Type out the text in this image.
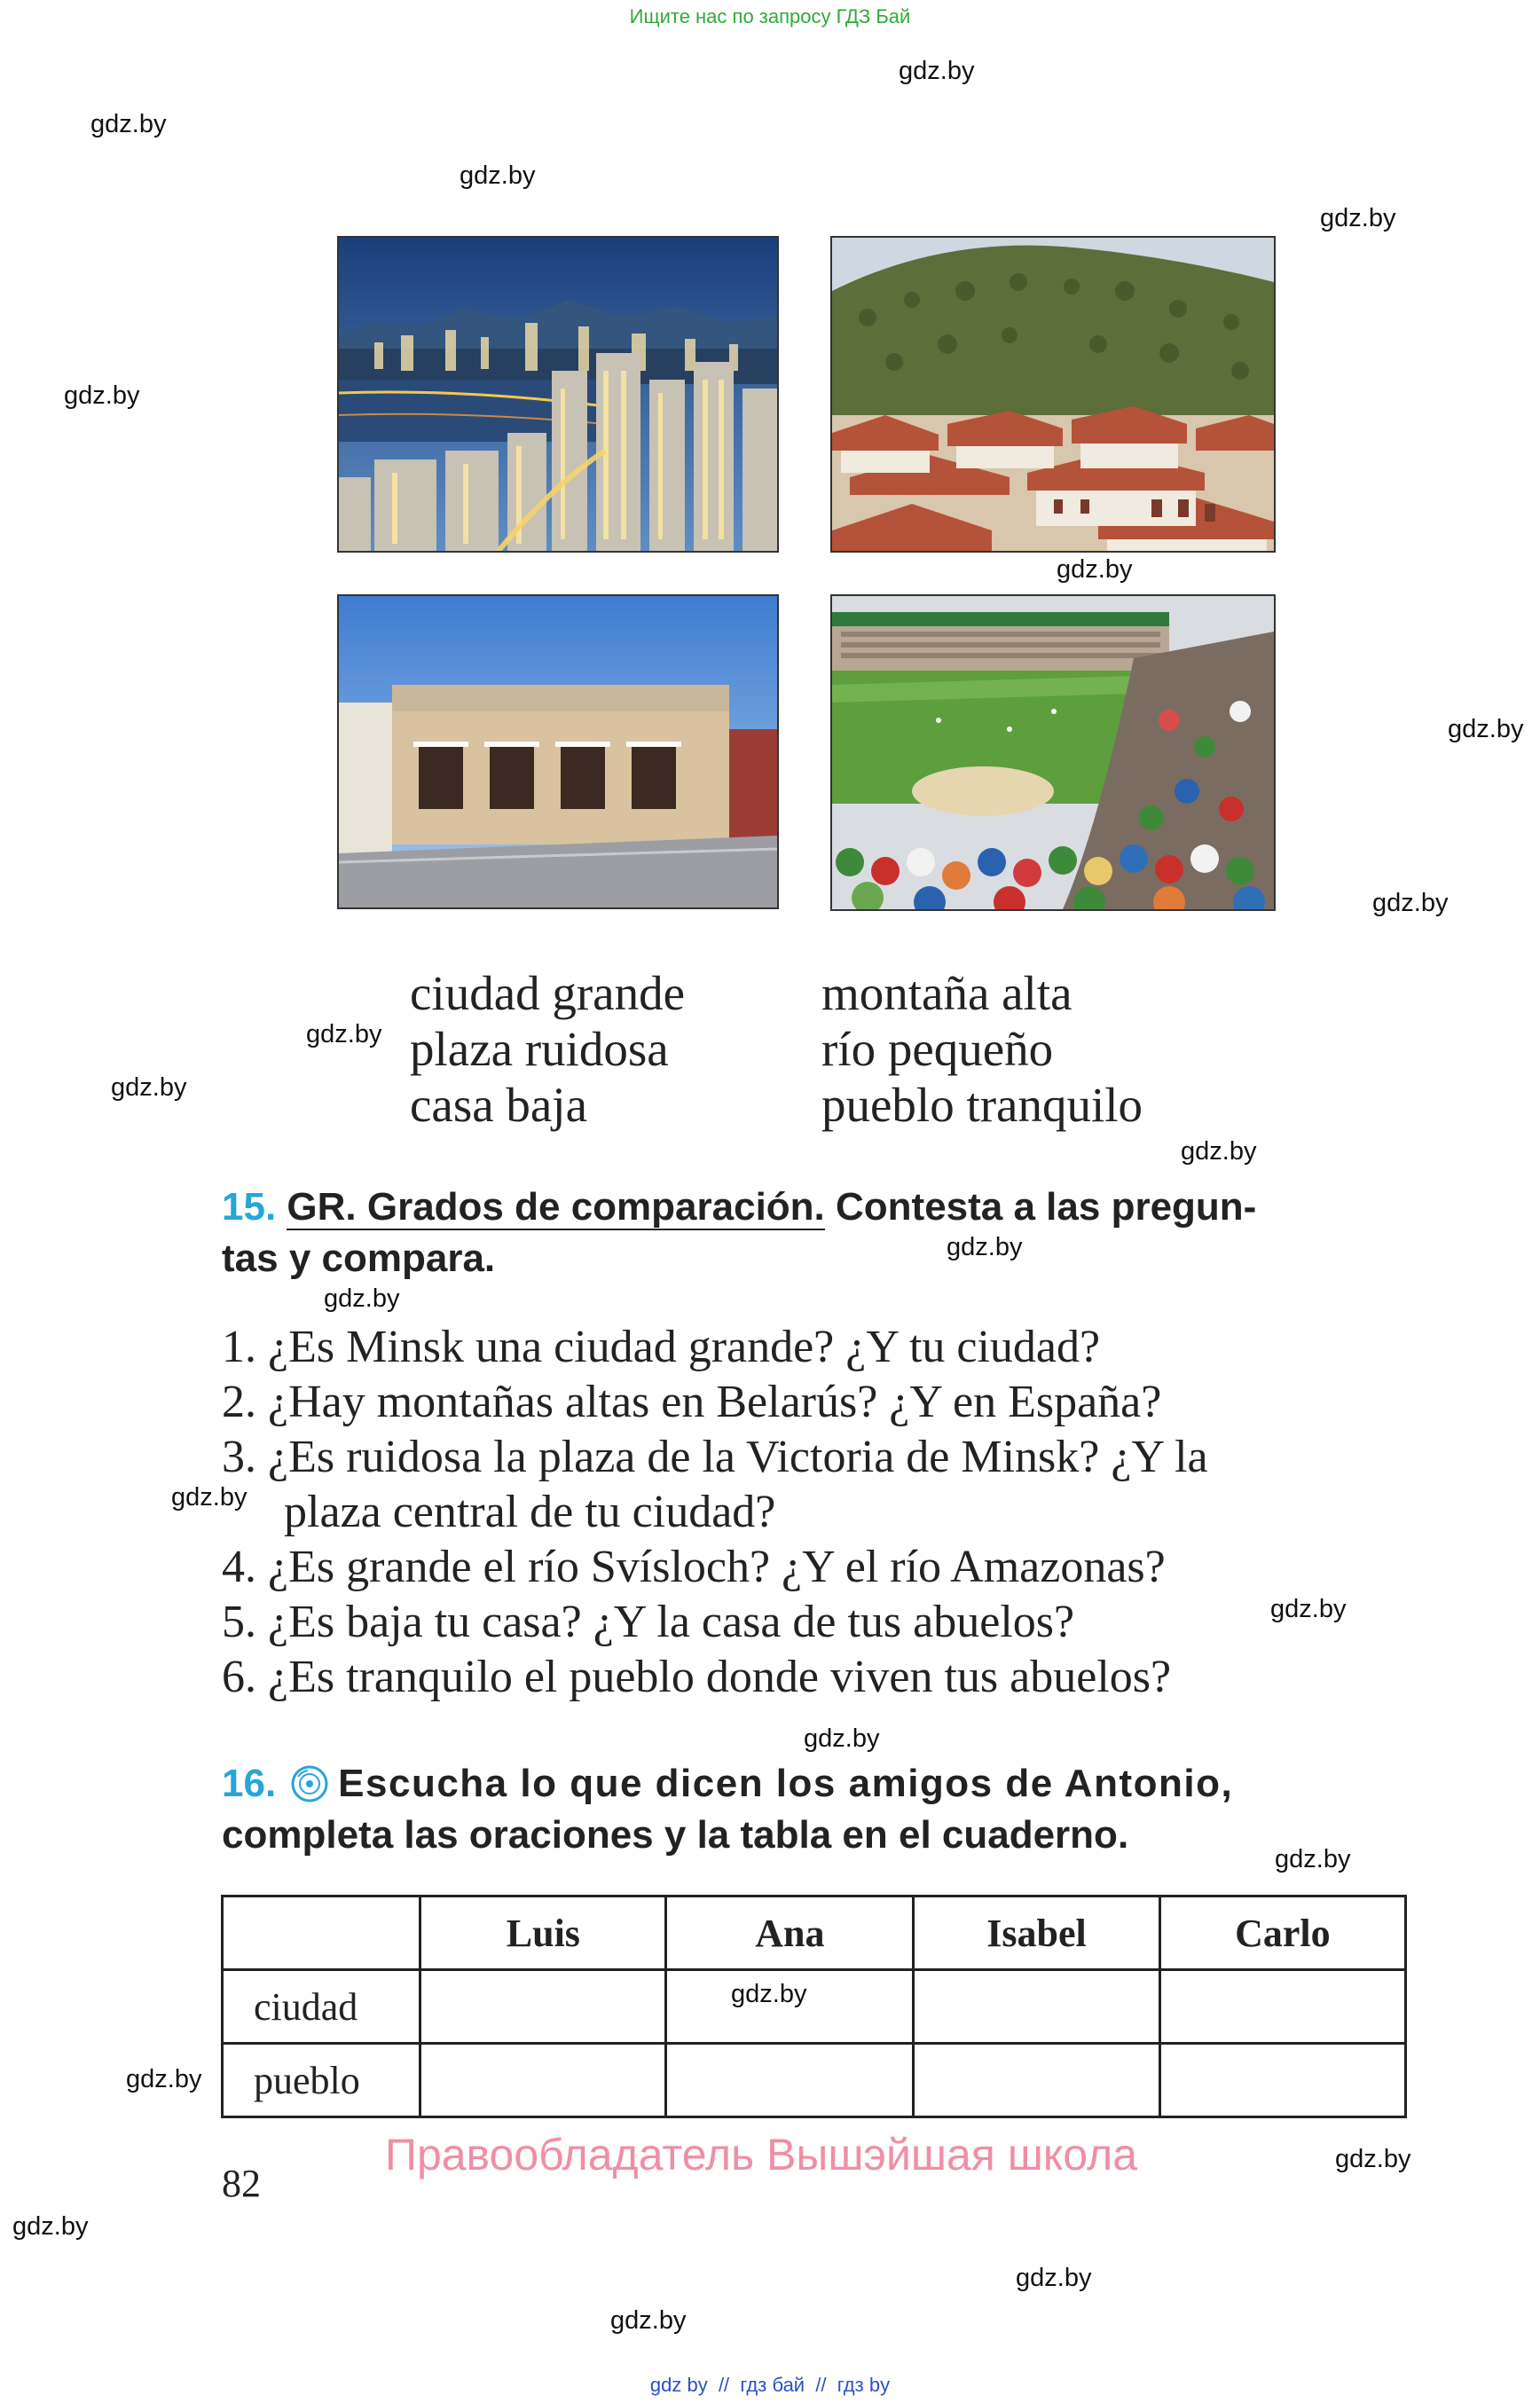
Ищите нас по запросу ГДЗ Бай
gdz.by
gdz.by
gdz.by
gdz.by
gdz.by
gdz.by
gdz.by
gdz.by
gdz.by
gdz.by
gdz.by
gdz.by
gdz.by
gdz.by
gdz.by
gdz.by
gdz.by
gdz.by
gdz.by
gdz.by
gdz.by
gdz.by
gdz.by
ciudad grande
plaza ruidosa
casa baja
montaña alta
río pequeño
pueblo tranquilo
15. GR. Grados de comparación. Contesta a las pregun-
tas y compara.
1. ¿Es Minsk una ciudad grande? ¿Y tu ciudad?
2. ¿Hay montañas altas en Belarús? ¿Y en España?
3. ¿Es ruidosa la plaza de la Victoria de Minsk? ¿Y la
plaza central de tu ciudad?
4. ¿Es grande el río Svísloch? ¿Y el río Amazonas?
5. ¿Es baja tu casa? ¿Y la casa de tus abuelos?
6. ¿Es tranquilo el pueblo donde viven tus abuelos?
16. Escucha lo que dicen los amigos de Antonio,
completa las oraciones y la tabla en el cuaderno.
	Luis	Ana	Isabel	Carlo
ciudad				
pueblo				
82
Правообладатель Вышэйшая школа
gdz by  //  гдз бай  //  гдз by
